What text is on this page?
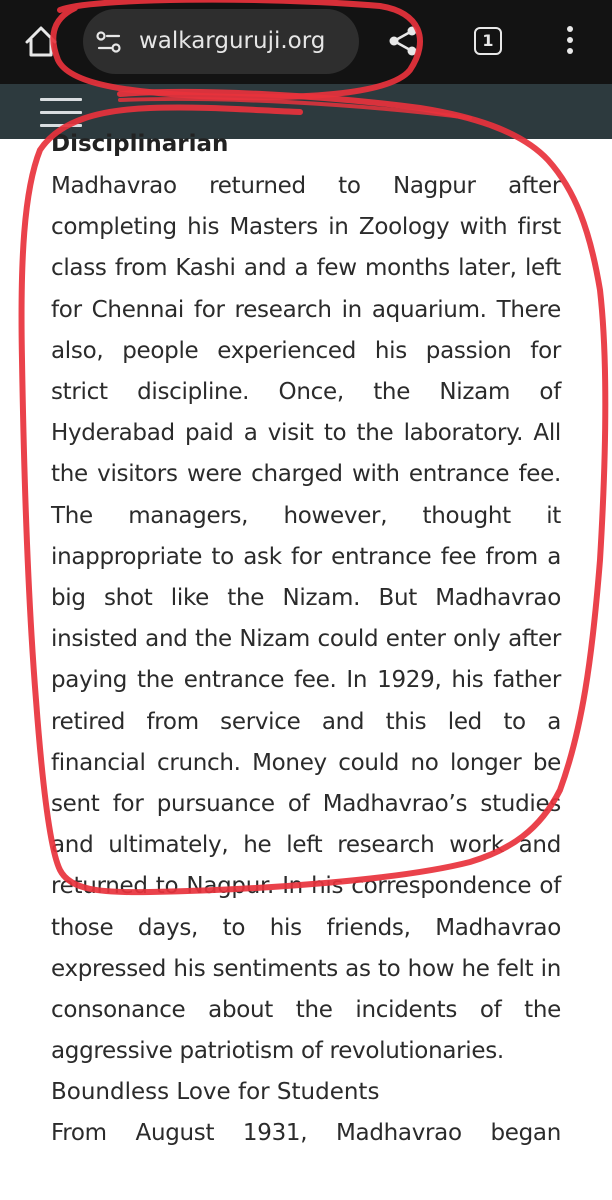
walkarguruji.org	1
Disciplinarian

Madhavrao returned to Nagpur after completing his Masters in Zoology with first class from Kashi and a few months later, left for Chennai for research in aquarium. There also, people experienced his passion for strict discipline. Once, the Nizam of Hyderabad paid a visit to the laboratory. All the visitors were charged with entrance fee. The managers, however, thought it inappropriate to ask for entrance fee from a big shot like the Nizam. But Madhavrao insisted and the Nizam could enter only after paying the entrance fee. In 1929, his father retired from service and this led to a financial crunch. Money could no longer be sent for pursuance of Madhavrao’s studies and ultimately, he left research work and returned to Nagpur. In his correspondence of those days, to his friends, Madhavrao expressed his sentiments as to how he felt in consonance about the incidents of the aggressive patriotism of revolutionaries.

Boundless Love for Students

From August 1931, Madhavrao began
